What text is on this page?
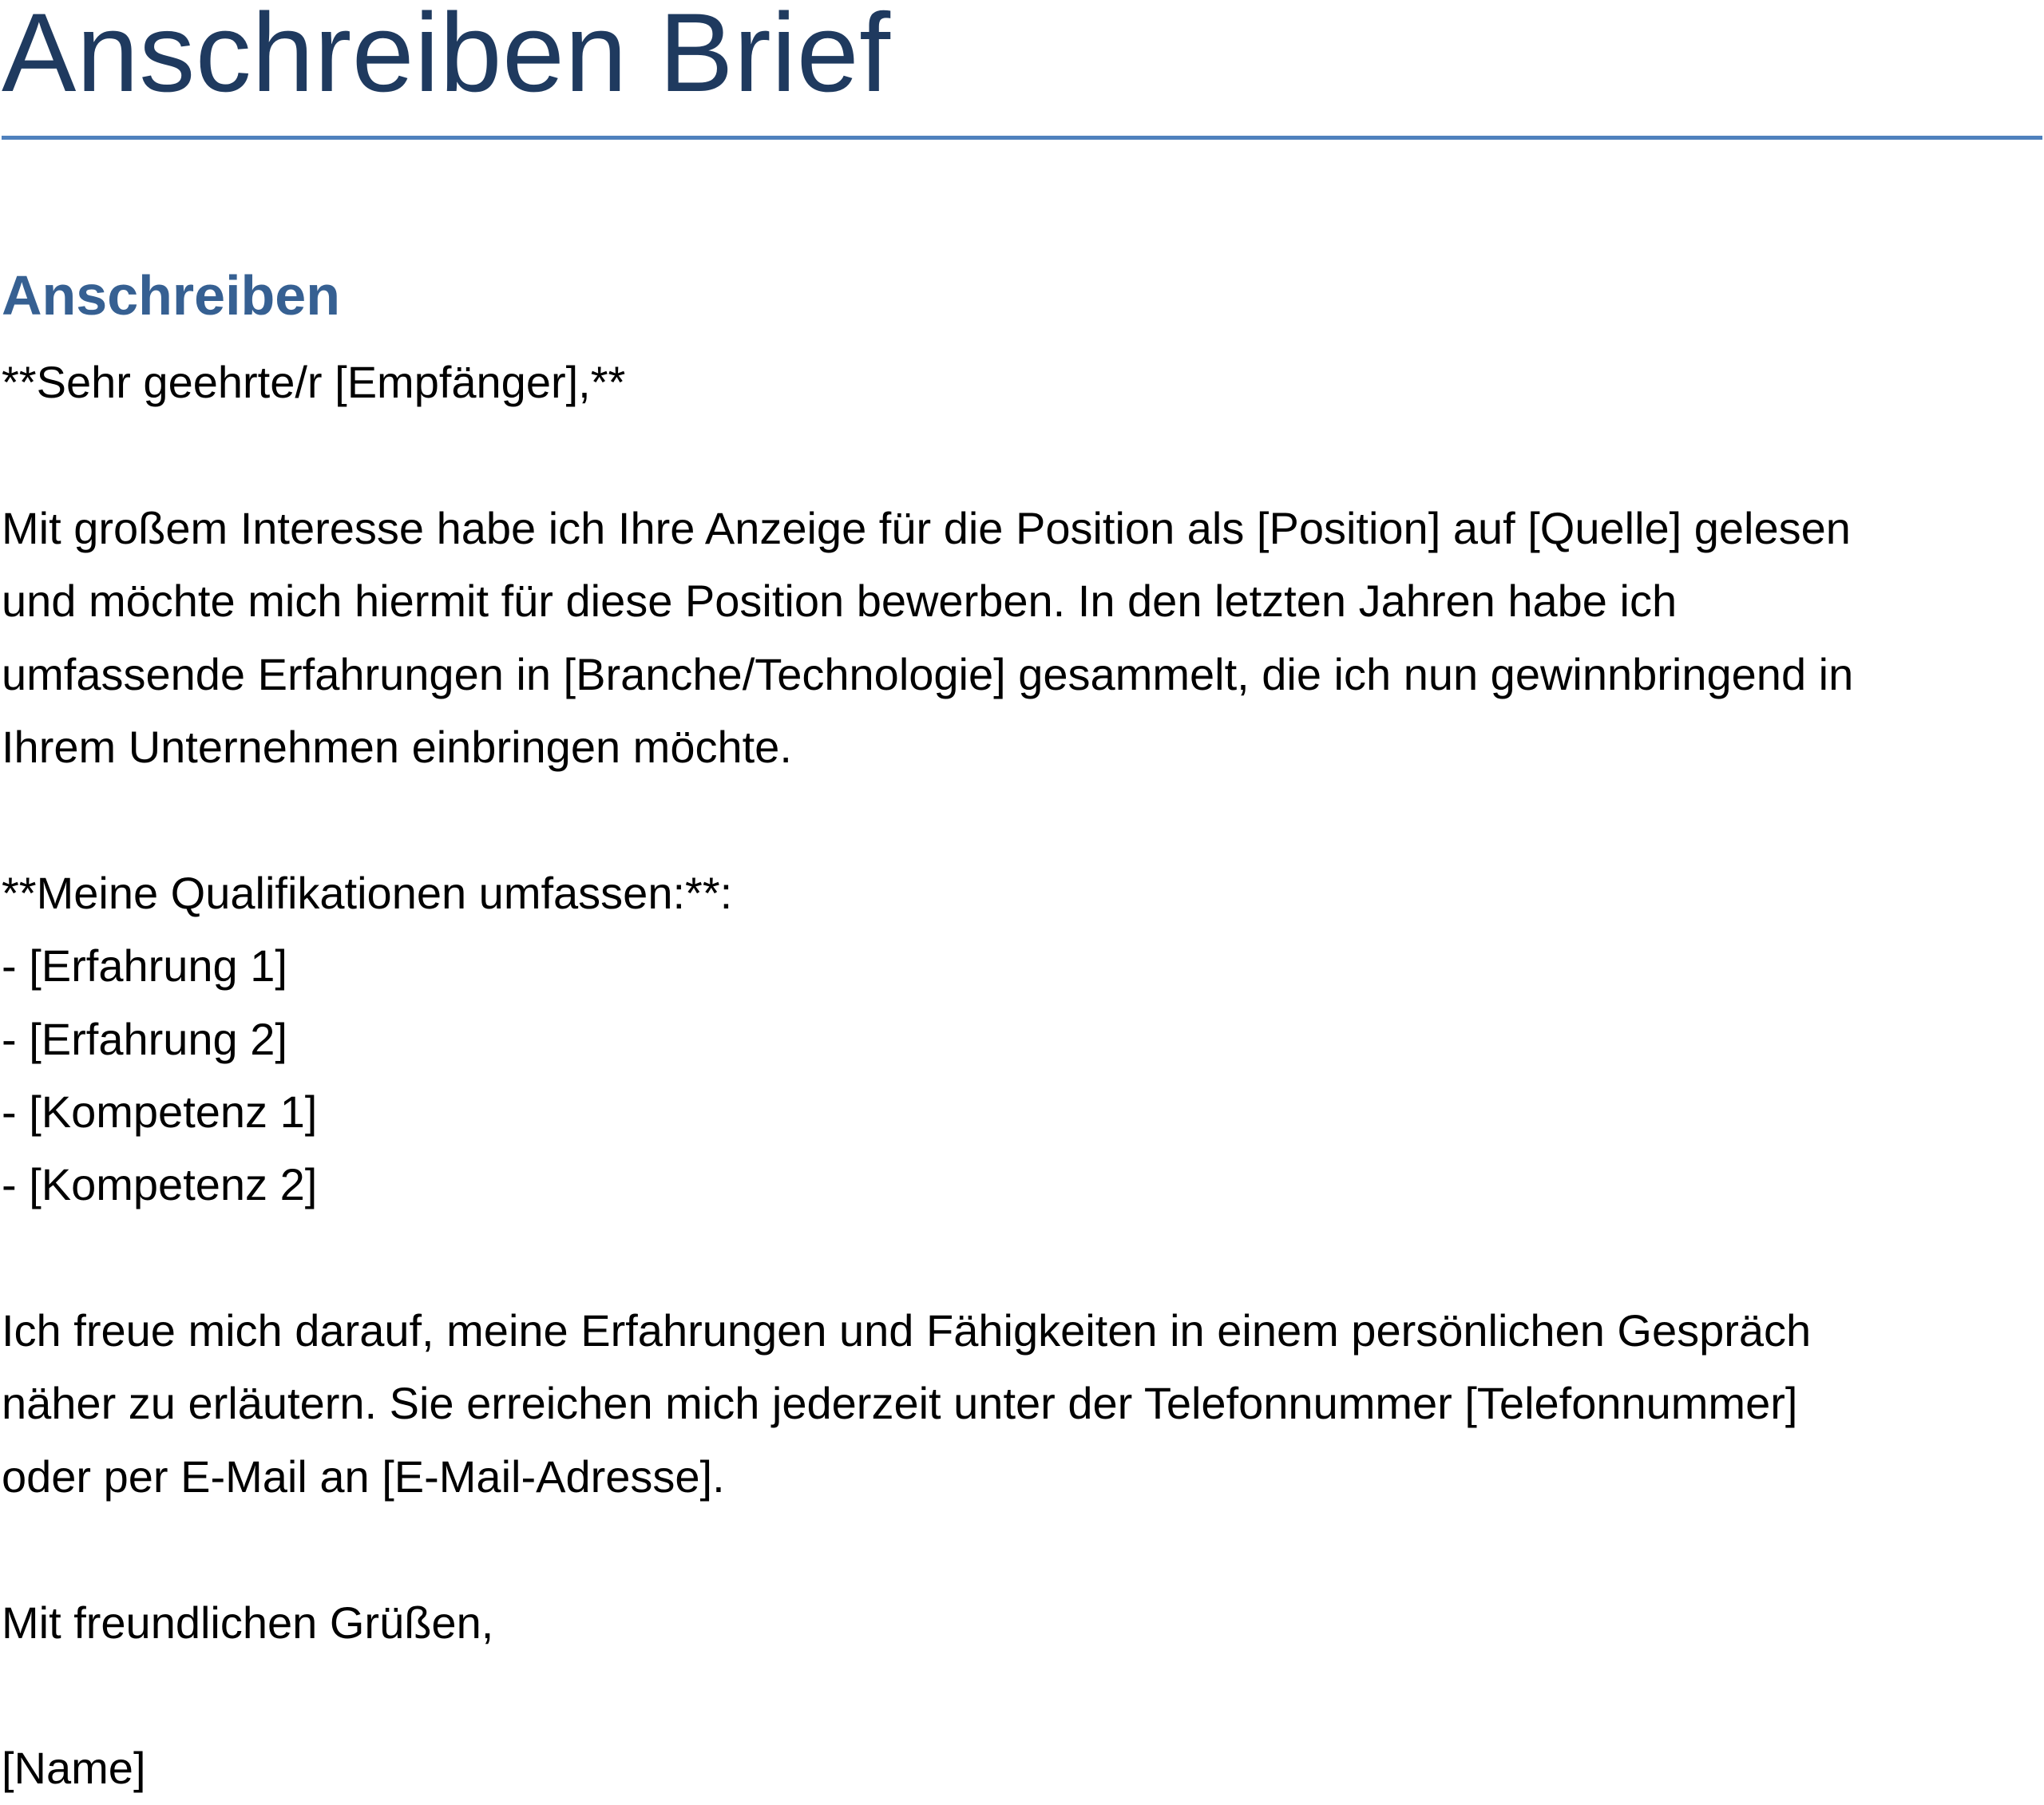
Anschreiben Brief
Anschreiben
**Sehr geehrte/r [Empfänger],**
Mit großem Interesse habe ich Ihre Anzeige für die Position als [Position] auf [Quelle] gelesen
und möchte mich hiermit für diese Position bewerben. In den letzten Jahren habe ich
umfassende Erfahrungen in [Branche/Technologie] gesammelt, die ich nun gewinnbringend in
Ihrem Unternehmen einbringen möchte.
**Meine Qualifikationen umfassen:**:
- [Erfahrung 1]
- [Erfahrung 2]
- [Kompetenz 1]
- [Kompetenz 2]
Ich freue mich darauf, meine Erfahrungen und Fähigkeiten in einem persönlichen Gespräch
näher zu erläutern. Sie erreichen mich jederzeit unter der Telefonnummer [Telefonnummer]
oder per E-Mail an [E-Mail-Adresse].
Mit freundlichen Grüßen,
[Name]
